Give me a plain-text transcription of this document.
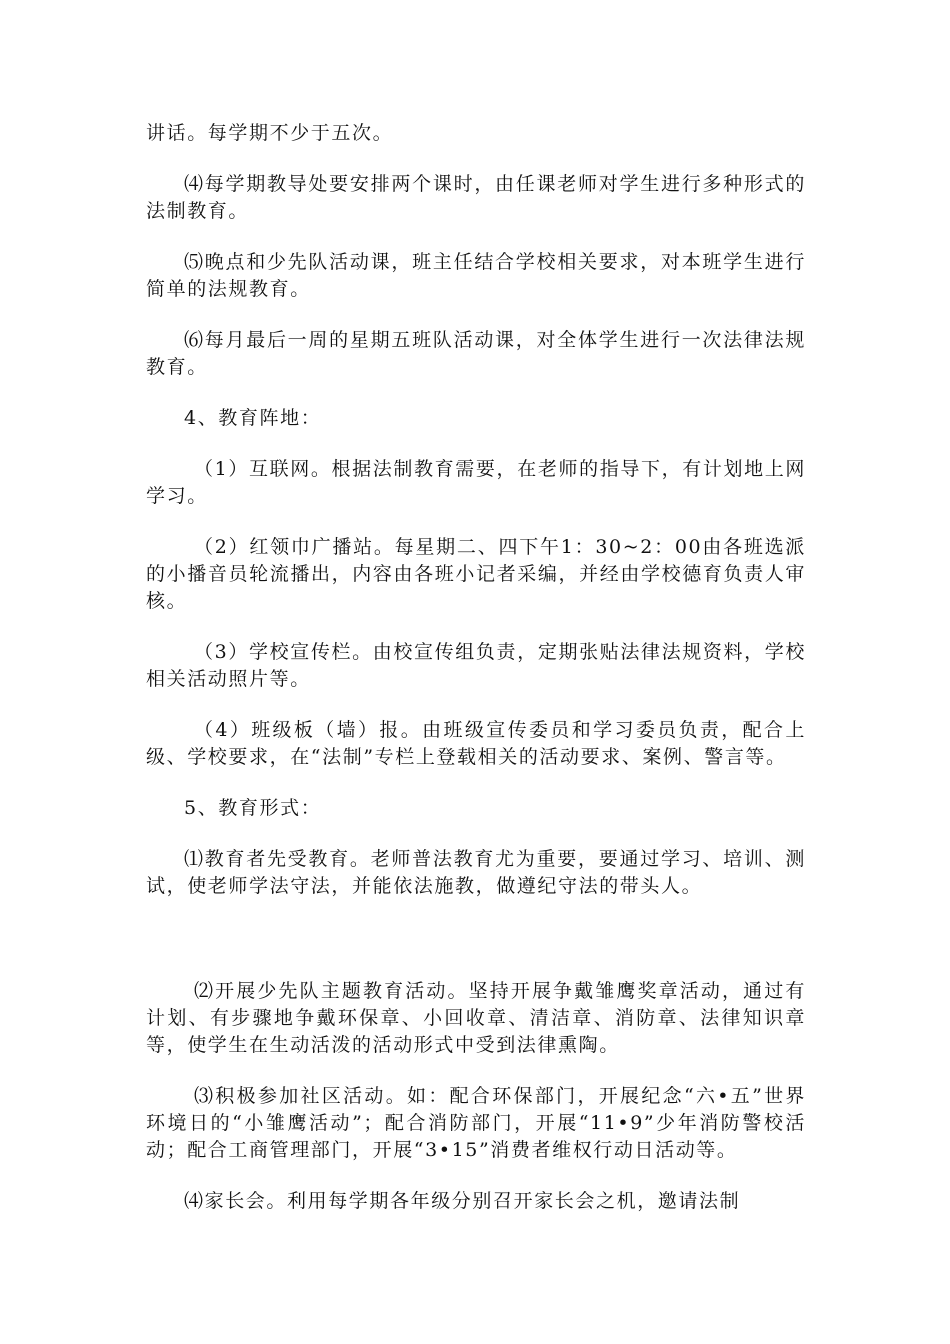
讲话。每学期不少于五次。

⑷每学期教导处要安排两个课时，由任课老师对学生进行多种形式的法制教育。

⑸晚点和少先队活动课，班主任结合学校相关要求，对本班学生进行简单的法规教育。

⑹每月最后一周的星期五班队活动课，对全体学生进行一次法律法规教育。

4、教育阵地：

（1）互联网。根据法制教育需要，在老师的指导下，有计划地上网学习。

（2）红领巾广播站。每星期二、四下午1：30~2：00由各班选派的小播音员轮流播出，内容由各班小记者采编，并经由学校德育负责人审核。

（3）学校宣传栏。由校宣传组负责，定期张贴法律法规资料，学校相关活动照片等。

（4）班级板（墙）报。由班级宣传委员和学习委员负责，配合上级、学校要求，在“法制”专栏上登载相关的活动要求、案例、警言等。

5、教育形式：

⑴教育者先受教育。老师普法教育尤为重要，要通过学习、培训、测试，使老师学法守法，并能依法施教，做遵纪守法的带头人。

⑵开展少先队主题教育活动。坚持开展争戴雏鹰奖章活动，通过有计划、有步骤地争戴环保章、小回收章、清洁章、消防章、法律知识章等，使学生在生动活泼的活动形式中受到法律熏陶。

⑶积极参加社区活动。如：配合环保部门，开展纪念“六•五”世界环境日的“小雏鹰活动”；配合消防部门，开展“11•9”少年消防警校活动；配合工商管理部门，开展“3•15”消费者维权行动日活动等。

⑷家长会。利用每学期各年级分别召开家长会之机，邀请法制
